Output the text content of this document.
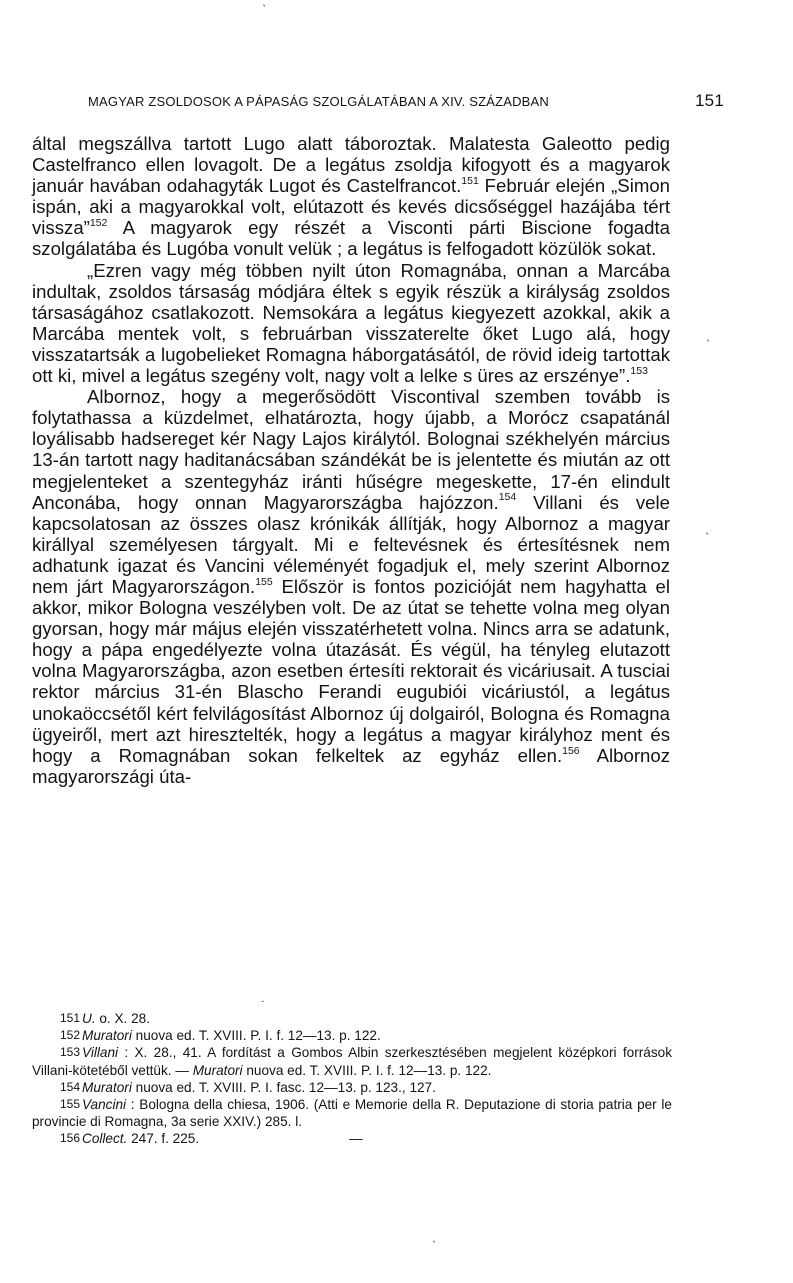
MAGYAR ZSOLDOSOK A PÁPASÁG SZOLGÁLATÁBAN A XIV. SZÁZADBAN	151

által megszállva tartott Lugo alatt táboroztak. Malatesta Galeotto pedig Castelfranco ellen lovagolt. De a legátus zsoldja kifogyott és a magyarok január havában odahagyták Lugot és Castelfrancot.$^{151}$ Február elején „Simon ispán, aki a magyarokkal volt, elútazott és kevés dicsőséggel hazájába tért vissza”$^{152}$ A magyarok egy részét a Visconti párti Biscione fogadta szolgálatába és Lugóba vonult velük ; a legátus is felfogadott közülök sokat.

„Ezren vagy még többen nyilt úton Romagnába, onnan a Marcába indultak, zsoldos társaság módjára éltek s egyik részük a királyság zsoldos társaságához csatlakozott. Nemsokára a legátus kiegyezett azokkal, akik a Marcába mentek volt, s februárban visszaterelte őket Lugo alá, hogy visszatartsák a lugobelieket Romagna háborgatásától, de rövid ideig tartottak ott ki, mivel a legátus szegény volt, nagy volt a lelke s üres az erszénye”.$^{153}$

Albornoz, hogy a megerősödött Viscontival szemben tovább is folytathassa a küzdelmet, elhatározta, hogy újabb, a Morócz csapatánál loyálisabb hadsereget kér Nagy Lajos királytól. Bolognai székhelyén március 13-án tartott nagy haditanácsában szándékát be is jelentette és miután az ott megjelenteket a szentegyház iránti hűségre megeskette, 17-én elindult Anconába, hogy onnan Magyarországba hajózzon.$^{154}$ Villani és vele kapcsolatosan az összes olasz krónikák állítják, hogy Albornoz a magyar királlyal személyesen tárgyalt. Mi e feltevésnek és értesítésnek nem adhatunk igazat és Vancini véleményét fogadjuk el, mely szerint Albornoz nem járt Magyarországon.$^{155}$ Először is fontos pozicióját nem hagyhatta el akkor, mikor Bologna veszélyben volt. De az útat se tehette volna meg olyan gyorsan, hogy már május elején visszatérhetett volna. Nincs arra se adatunk, hogy a pápa engedélyezte volna útazását. És végül, ha tényleg elutazott volna Magyarországba, azon esetben értesíti rektorait és vicáriusait. A tusciai rektor március 31-én Blascho Ferandi eugubiói vicáriustól, a legátus unokaöccsétől kért felvilágosítást Albornoz új dolgairól, Bologna és Romagna ügyeiről, mert azt hiresztelték, hogy a legátus a magyar királyhoz ment és hogy a Romagnában sokan felkeltek az egyház ellen.$^{156}$ Albornoz magyarországi úta-

·
151 U. o. X. 28.
152 Muratori nuova ed. T. XVIII. P. I. f. 12—13. p. 122.
153 Villani : X. 28., 41. A fordítást a Gombos Albin szerkesztésében megjelent középkori források Villani-kötetéből vettük. — Muratori nuova ed. T. XVIII. P. I. f. 12—13. p. 122.
154 Muratori nuova ed. T. XVIII. P. I. fasc. 12—13. p. 123., 127.
155 Vancini : Bologna della chiesa, 1906. (Atti e Memorie della R. Deputazione di storia patria per le provincie di Romagna, 3a serie XXIV.) 285. l.
156 Collect. 247. f. 225.	—
ˋ
ˋ
ˋ
ˋ
